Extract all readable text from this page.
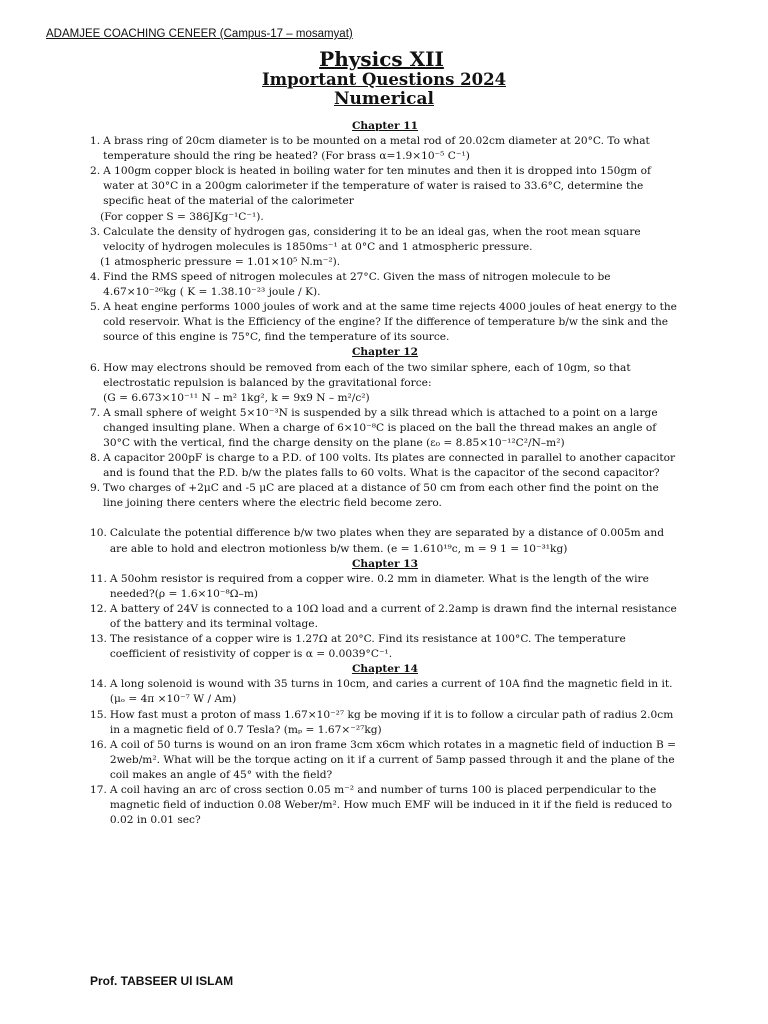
ADAMJEE COACHING CENEER (Campus-17 – mosamyat)
Physics XII
Important Questions 2024
Numerical
Chapter 11
1. A brass ring of 20cm diameter is to be mounted on a metal rod of 20.02cm diameter at 20°C. To what temperature should the ring be heated? (For brass α=1.9×10⁻⁵ C⁻¹)
2. A 100gm copper block is heated in boiling water for ten minutes and then it is dropped into 150gm of water at 30°C in a 200gm calorimeter if the temperature of water is raised to 33.6°C, determine the specific heat of the material of the calorimeter
(For copper S = 386JKg⁻¹C⁻¹).
3. Calculate the density of hydrogen gas, considering it to be an ideal gas, when the root mean square velocity of hydrogen molecules is 1850ms⁻¹ at 0°C and 1 atmospheric pressure.
(1 atmospheric pressure = 1.01×10⁵ N.m⁻²).
4. Find the RMS speed of nitrogen molecules at 27°C. Given the mass of nitrogen molecule to be 4.67×10⁻²⁶kg ( K = 1.38.10⁻²³ joule / K).
5. A heat engine performs 1000 joules of work and at the same time rejects 4000 joules of heat energy to the cold reservoir. What is the Efficiency of the engine? If the difference of temperature b/w the sink and the source of this engine is 75°C, find the temperature of its source.
Chapter 12
6. How may electrons should be removed from each of the two similar sphere, each of 10gm, so that electrostatic repulsion is balanced by the gravitational force:
(G = 6.673×10⁻¹¹ N – m² 1kg², k = 9x9 N – m²/c²)
7. A small sphere of weight 5×10⁻³N is suspended by a silk thread which is attached to a point on a large changed insulting plane. When a charge of 6×10⁻⁸C is placed on the ball the thread makes an angle of 30°C with the vertical, find the charge density on the plane (ε₀ = 8.85×10⁻¹²C²/N–m²)
8. A capacitor 200pF is charge to a P.D. of 100 volts. Its plates are connected in parallel to another capacitor and is found that the P.D. b/w the plates falls to 60 volts. What is the capacitor of the second capacitor?
9. Two charges of +2μC and -5 μC are placed at a distance of 50 cm from each other find the point on the line joining there centers where the electric field become zero.
10. Calculate the potential difference b/w two plates when they are separated by a distance of 0.005m and are able to hold and electron motionless b/w them. (e = 1.610¹⁹c, m = 9 1 = 10⁻³¹kg)
Chapter 13
11. A 50ohm resistor is required from a copper wire. 0.2 mm in diameter. What is the length of the wire needed?(ρ = 1.6×10⁻⁸Ω–m)
12. A battery of 24V is connected to a 10Ω load and a current of 2.2amp is drawn find the internal resistance of the battery and its terminal voltage.
13. The resistance of a copper wire is 1.27Ω at 20°C. Find its resistance at 100°C. The temperature coefficient of resistivity of copper is α = 0.0039°C⁻¹.
Chapter 14
14. A long solenoid is wound with 35 turns in 10cm, and caries a current of 10A find the magnetic field in it. (μₒ = 4π ×10⁻⁷ W / Am)
15. How fast must a proton of mass 1.67×10⁻²⁷ kg be moving if it is to follow a circular path of radius 2.0cm in a magnetic field of 0.7 Tesla? (mₚ = 1.67×⁻²⁷kg)
16. A coil of 50 turns is wound on an iron frame 3cm x6cm which rotates in a magnetic field of induction B = 2web/m². What will be the torque acting on it if a current of 5amp passed through it and the plane of the coil makes an angle of 45° with the field?
17. A coil having an arc of cross section 0.05 m⁻² and number of turns 100 is placed perpendicular to the magnetic field of induction 0.08 Weber/m². How much EMF will be induced in it if the field is reduced to 0.02 in 0.01 sec?
Prof. TABSEER Ul ISLAM
